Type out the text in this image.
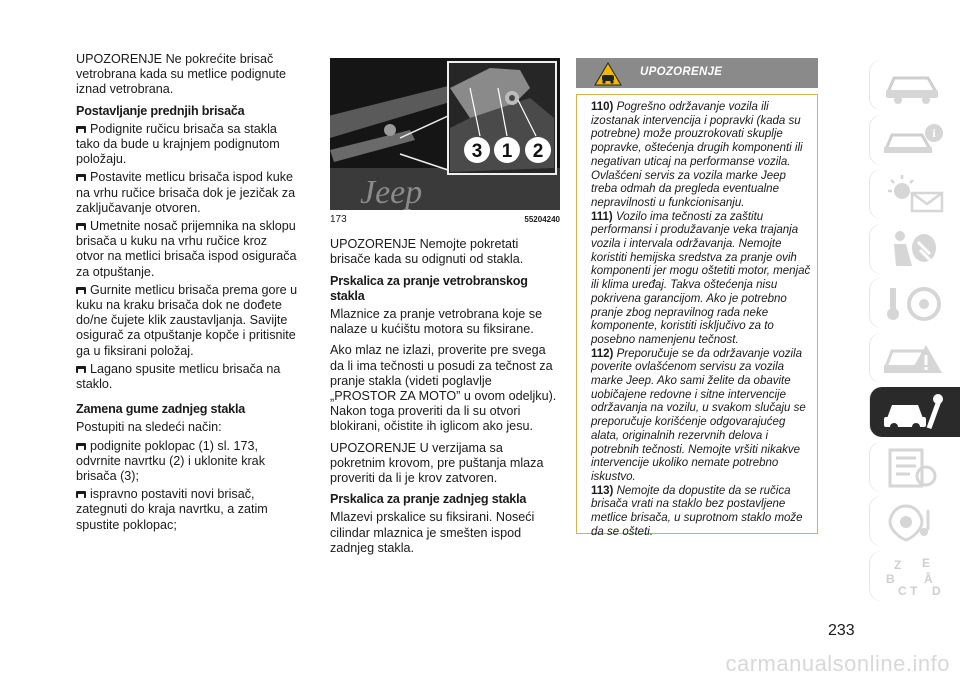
UPOZORENJE Ne pokrećite brisač vetrobrana kada su metlice podignute iznad vetrobrana.

Postavljanje prednjih brisača

Podignite ručicu brisača sa stakla tako da bude u krajnjem podignutom položaju.

Postavite metlicu brisača ispod kuke na vrhu ručice brisača dok je jezičak za zaključavanje otvoren.

Umetnite nosač prijemnika na sklopu brisača u kuku na vrhu ručice kroz otvor na metlici brisača ispod osigurača za otpuštanje.

Gurnite metlicu brisača prema gore u kuku na kraku brisača dok ne dođete do/ne čujete klik zaustavljanja. Savijte osigurač za otpuštanje kopče i pritisnite ga u fiksirani položaj.

Lagano spusite metlicu brisača na staklo.

Zamena gume zadnjeg stakla

Postupiti na sledeći način:

podignite poklopac (1) sl. 173, odvrnite navrtku (2) i uklonite krak brisača (3);

ispravno postaviti novi brisač, zategnuti do kraja navrtku, a zatim spustite poklopac;

Jeep
3 1 2
173	55204240

UPOZORENJE Nemojte pokretati brisače kada su odignuti od stakla.

Prskalica za pranje vetrobranskog stakla

Mlaznice za pranje vetrobrana koje se nalaze u kućištu motora su fiksirane.

Ako mlaz ne izlazi, proverite pre svega da li ima tečnosti u posudi za tečnost za pranje stakla (videti poglavlje „PROSTOR ZA MOTO” u ovom odeljku). Nakon toga proveriti da li su otvori blokirani, očistite ih iglicom ako jesu.

UPOZORENJE U verzijama sa pokretnim krovom, pre puštanja mlaza proveriti da li je krov zatvoren.

Prskalica za pranje zadnjeg stakla

Mlazevi prskalice su fiksirani. Noseći cilindar mlaznica je smešten ispod zadnjeg stakla.

UPOZORENJE
110) Pogrešno održavanje vozila ili izostanak intervencija i popravki (kada su potrebne) može prouzrokovati skuplje popravke, oštećenja drugih komponenti ili negativan uticaj na performanse vozila. Ovlašćeni servis za vozila marke Jeep treba odmah da pregleda eventualne nepravilnosti u funkcionisanju.
111) Vozilo ima tečnosti za zaštitu performansi i produžavanje veka trajanja vozila i intervala održavanja. Nemojte koristiti hemijska sredstva za pranje ovih komponenti jer mogu oštetiti motor, menjač ili klima uređaj. Takva oštećenja nisu pokrivena garancijom. Ako je potrebno pranje zbog nepravilnog rada neke komponente, koristiti isključivo za to posebno namenjenu tečnost.
112) Preporučuje se da održavanje vozila poverite ovlašćenom servisu za vozila marke Jeep. Ako sami želite da obavite uobičajene redovne i sitne intervencije održavanja na vozilu, u svakom slučaju se preporučuje korišćenje odgovarajućeg alata, originalnih rezervnih delova i potrebnih tečnosti. Nemojte vršiti nikakve intervencije ukoliko nemate potrebno iskustvo.
113) Nemojte da dopustite da se ručica brisača vrati na staklo bez postavljene metlice brisača, u suprotnom staklo može da se ošteti.
i
Z E
B
C T
Â
D
233
carmanualsonline.info
